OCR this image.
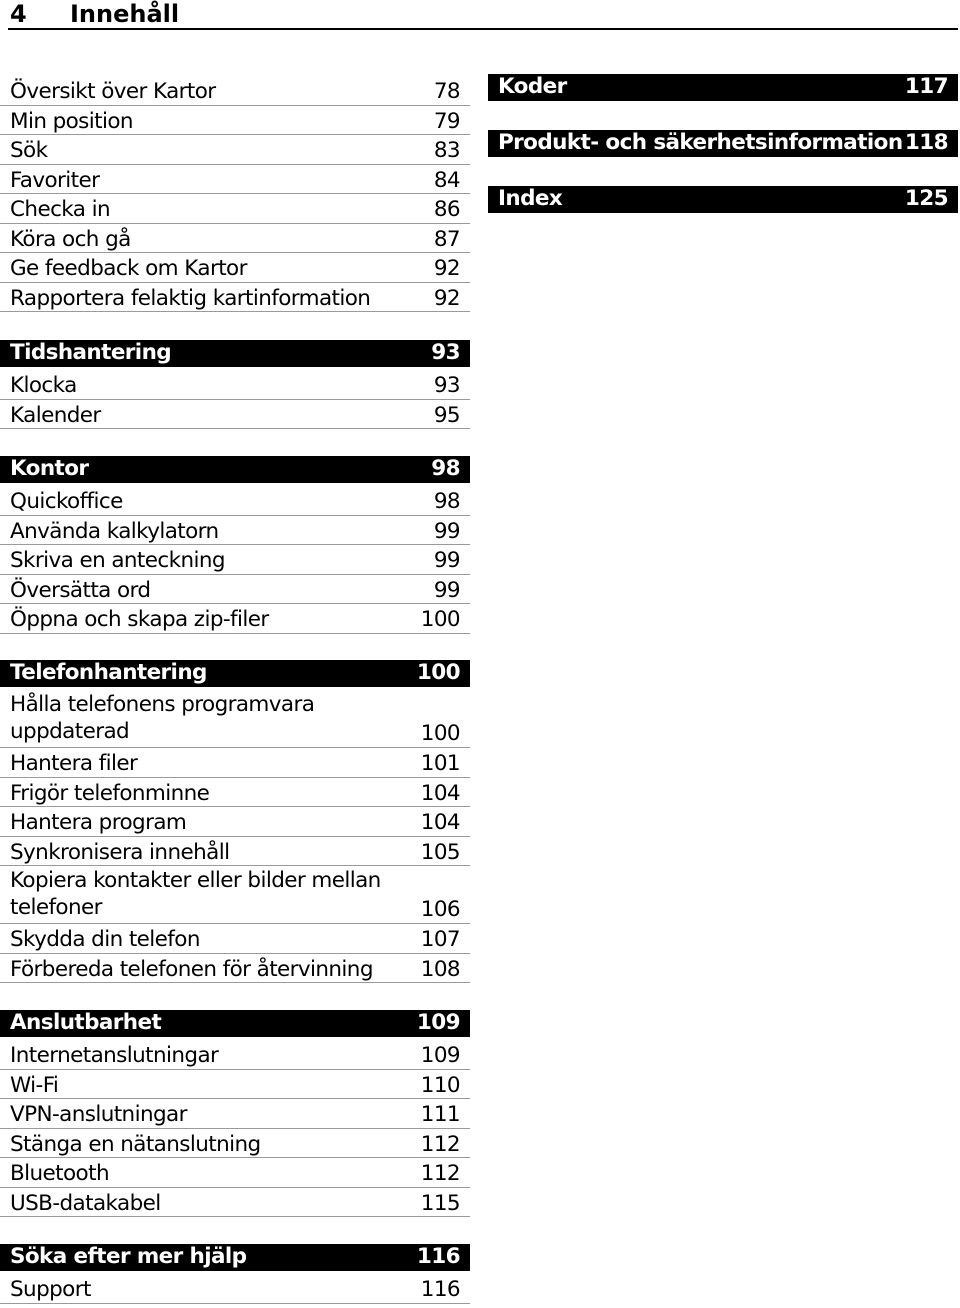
4 Innehåll
Översikt över Kartor	78
Min position	79
Sök	83
Favoriter	84
Checka in	86
Köra och gå	87
Ge feedback om Kartor	92
Rapportera felaktig kartinformation	92
Tidshantering	93
Klocka	93
Kalender	95
Kontor	98
Quickoffice	98
Använda kalkylatorn	99
Skriva en anteckning	99
Översätta ord	99
Öppna och skapa zip-filer	100
Telefonhantering	100
Hålla telefonens programvara uppdaterad	100
Hantera filer	101
Frigör telefonminne	104
Hantera program	104
Synkronisera innehåll	105
Kopiera kontakter eller bilder mellan telefoner	106
Skydda din telefon	107
Förbereda telefonen för återvinning 108
Anslutbarhet	109
Internetanslutningar	109
Wi-Fi	110
VPN-anslutningar	111
Stänga en nätanslutning	112
Bluetooth	112
USB-datakabel	115
Söka efter mer hjälp	116
Support	116
Koder	117
Produkt- och säkerhetsinformation 118
Index	125
